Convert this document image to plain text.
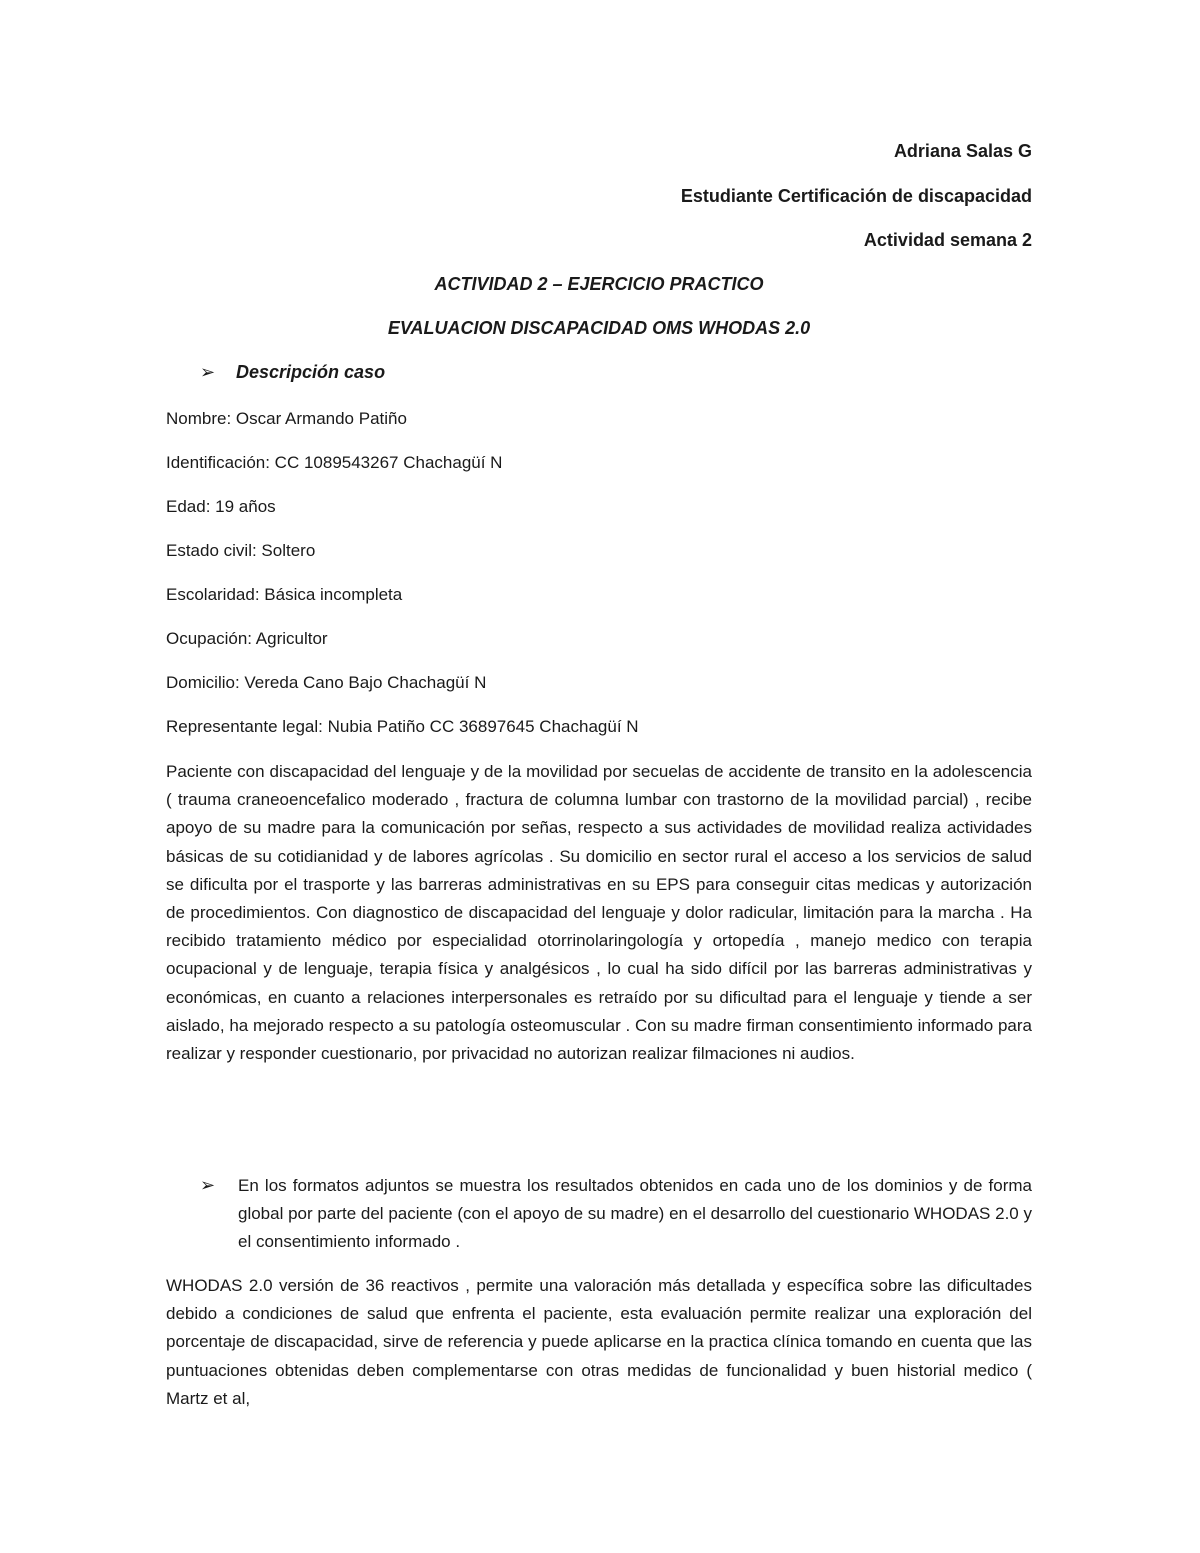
Adriana Salas G
Estudiante Certificación de discapacidad
Actividad semana 2
ACTIVIDAD 2 – EJERCICIO PRACTICO
EVALUACION DISCAPACIDAD OMS WHODAS 2.0
➢	Descripción caso
Nombre: Oscar Armando Patiño
Identificación: CC 1089543267 Chachagüí N
Edad: 19 años
Estado civil: Soltero
Escolaridad: Básica incompleta
Ocupación: Agricultor
Domicilio: Vereda Cano Bajo Chachagüí N
Representante legal: Nubia Patiño CC 36897645 Chachagüí N
Paciente con discapacidad del lenguaje y de la movilidad por secuelas de accidente de transito en la adolescencia ( trauma craneoencefalico moderado , fractura de columna lumbar con trastorno de la movilidad parcial) , recibe apoyo de su madre para la comunicación por señas, respecto a sus actividades de movilidad realiza actividades básicas de su cotidianidad y de labores agrícolas . Su domicilio en sector rural el acceso a los servicios de salud se dificulta por el trasporte y las barreras administrativas en su EPS para conseguir citas medicas y autorización de procedimientos. Con diagnostico de discapacidad del lenguaje y dolor radicular, limitación para la marcha . Ha recibido tratamiento médico por especialidad otorrinolaringología y ortopedía , manejo medico con terapia ocupacional y de lenguaje, terapia física y analgésicos , lo cual ha sido difícil por las barreras administrativas y económicas, en cuanto a relaciones interpersonales es retraído por su dificultad para el lenguaje y tiende a ser aislado, ha mejorado respecto a su patología osteomuscular . Con su madre firman consentimiento informado para realizar y responder cuestionario, por privacidad no autorizan realizar filmaciones ni audios.
➢ En los formatos adjuntos se muestra los resultados obtenidos en cada uno de los dominios y de forma global por parte del paciente (con el apoyo de su madre) en el desarrollo del cuestionario WHODAS 2.0 y el consentimiento informado .
WHODAS 2.0 versión de 36 reactivos , permite una valoración más detallada y específica sobre las dificultades debido a condiciones de salud que enfrenta el paciente, esta evaluación permite realizar una exploración del porcentaje de discapacidad, sirve de referencia y puede aplicarse en la practica clínica tomando en cuenta que las puntuaciones obtenidas deben complementarse con otras medidas de funcionalidad y buen historial medico ( Martz et al,
